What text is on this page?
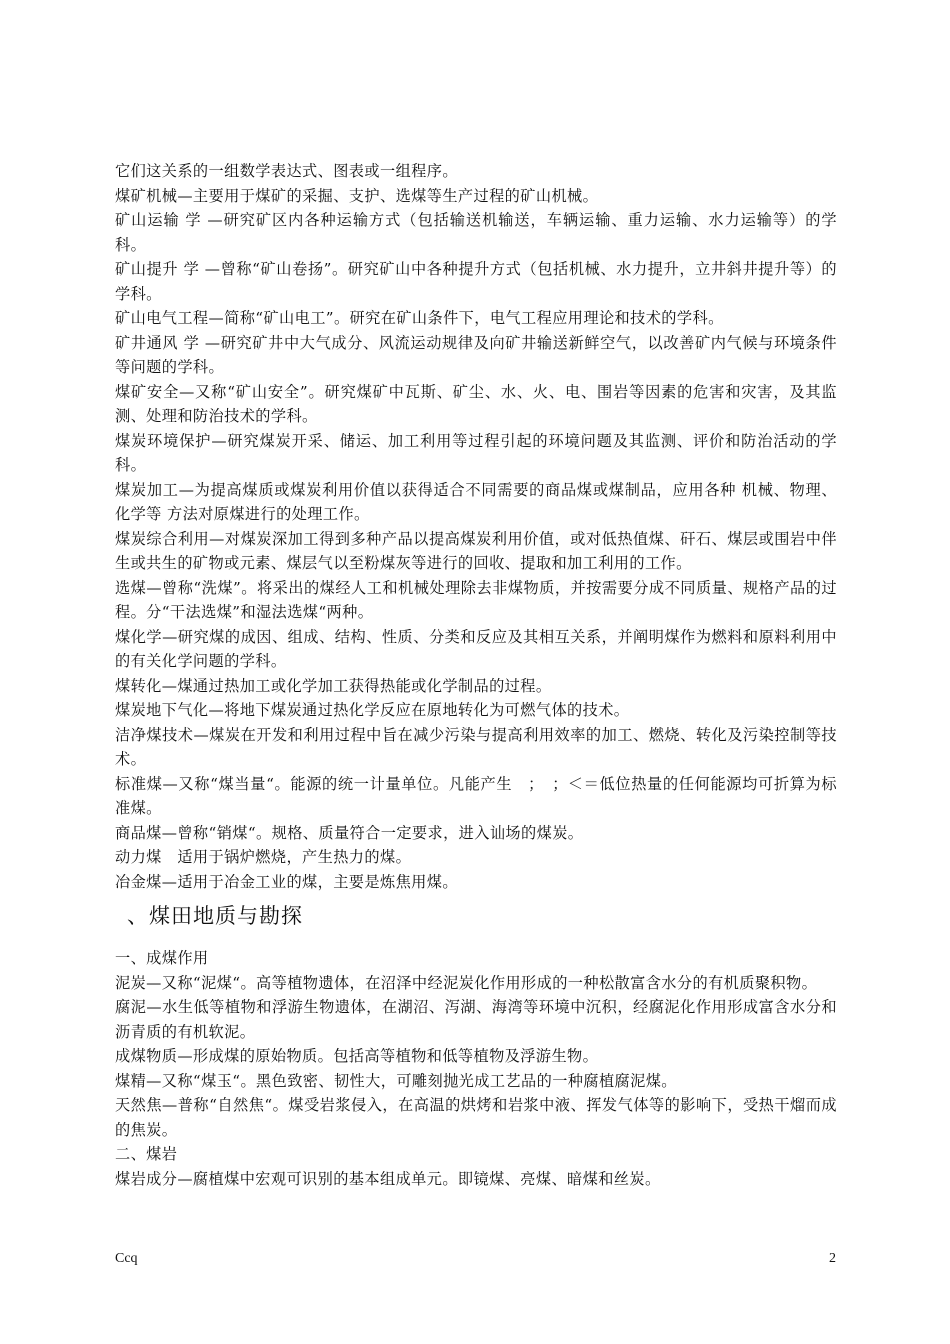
它们这关系的一组数学表达式、图表或一组程序。

煤矿机械—主要用于煤矿的采掘、支护、选煤等生产过程的矿山机械。

矿山运输 学 —研究矿区内各种运输方式（包括输送机输送，车辆运输、重力运输、水力运输等）的学科。

矿山提升 学 —曾称“矿山卷扬”。研究矿山中各种提升方式（包括机械、水力提升，立井斜井提升等）的学科。

矿山电气工程—简称“矿山电工”。研究在矿山条件下，电气工程应用理论和技术的学科。

矿井通风 学 —研究矿井中大气成分、风流运动规律及向矿井输送新鲜空气，以改善矿内气候与环境条件等问题的学科。

煤矿安全—又称“矿山安全”。研究煤矿中瓦斯、矿尘、水、火、电、围岩等因素的危害和灾害，及其监测、处理和防治技术的学科。

煤炭环境保护—研究煤炭开采、储运、加工利用等过程引起的环境问题及其监测、评价和防治活动的学科。

煤炭加工—为提高煤质或煤炭利用价值以获得适合不同需要的商品煤或煤制品，应用各种 机械、物理、化学等 方法对原煤进行的处理工作。

煤炭综合利用—对煤炭深加工得到多种产品以提高煤炭利用价值，或对低热值煤、矸石、煤层或围岩中伴生或共生的矿物或元素、煤层气以至粉煤灰等进行的回收、提取和加工利用的工作。

选煤—曾称“洗煤”。将采出的煤经人工和机械处理除去非煤物质，并按需要分成不同质量、规格产品的过程。分“干法选煤”和湿法选煤“两种。

煤化学—研究煤的成因、组成、结构、性质、分类和反应及其相互关系，并阐明煤作为燃料和原料利用中的有关化学问题的学科。

煤转化—煤通过热加工或化学加工获得热能或化学制品的过程。

煤炭地下气化—将地下煤炭通过热化学反应在原地转化为可燃气体的技术。

洁净煤技术—煤炭在开发和利用过程中旨在减少污染与提高利用效率的加工、燃烧、转化及污染控制等技术。

标准煤—又称“煤当量“。能源的统一计量单位。凡能产生　；　；＜＝低位热量的任何能源均可折算为标准煤。

商品煤—曾称“销煤“。规格、质量符合一定要求，进入讪场的煤炭。

动力煤　适用于锅炉燃烧，产生热力的煤。

冶金煤—适用于冶金工业的煤，主要是炼焦用煤。

、煤田地质与勘探
一、成煤作用

泥炭—又称“泥煤“。高等植物遗体，在沼泽中经泥炭化作用形成的一种松散富含水分的有机质聚积物。

腐泥—水生低等植物和浮游生物遗体，在湖沼、泻湖、海湾等环境中沉积，经腐泥化作用形成富含水分和沥青质的有机软泥。

成煤物质—形成煤的原始物质。包括高等植物和低等植物及浮游生物。

煤精—又称“煤玉“。黑色致密、韧性大，可雕刻抛光成工艺品的一种腐植腐泥煤。

天然焦—普称“自然焦“。煤受岩浆侵入，在高温的烘烤和岩浆中液、挥发气体等的影响下，受热干熘而成的焦炭。

二、煤岩

煤岩成分—腐植煤中宏观可识别的基本组成单元。即镜煤、亮煤、暗煤和丝炭。

Ccq	2
